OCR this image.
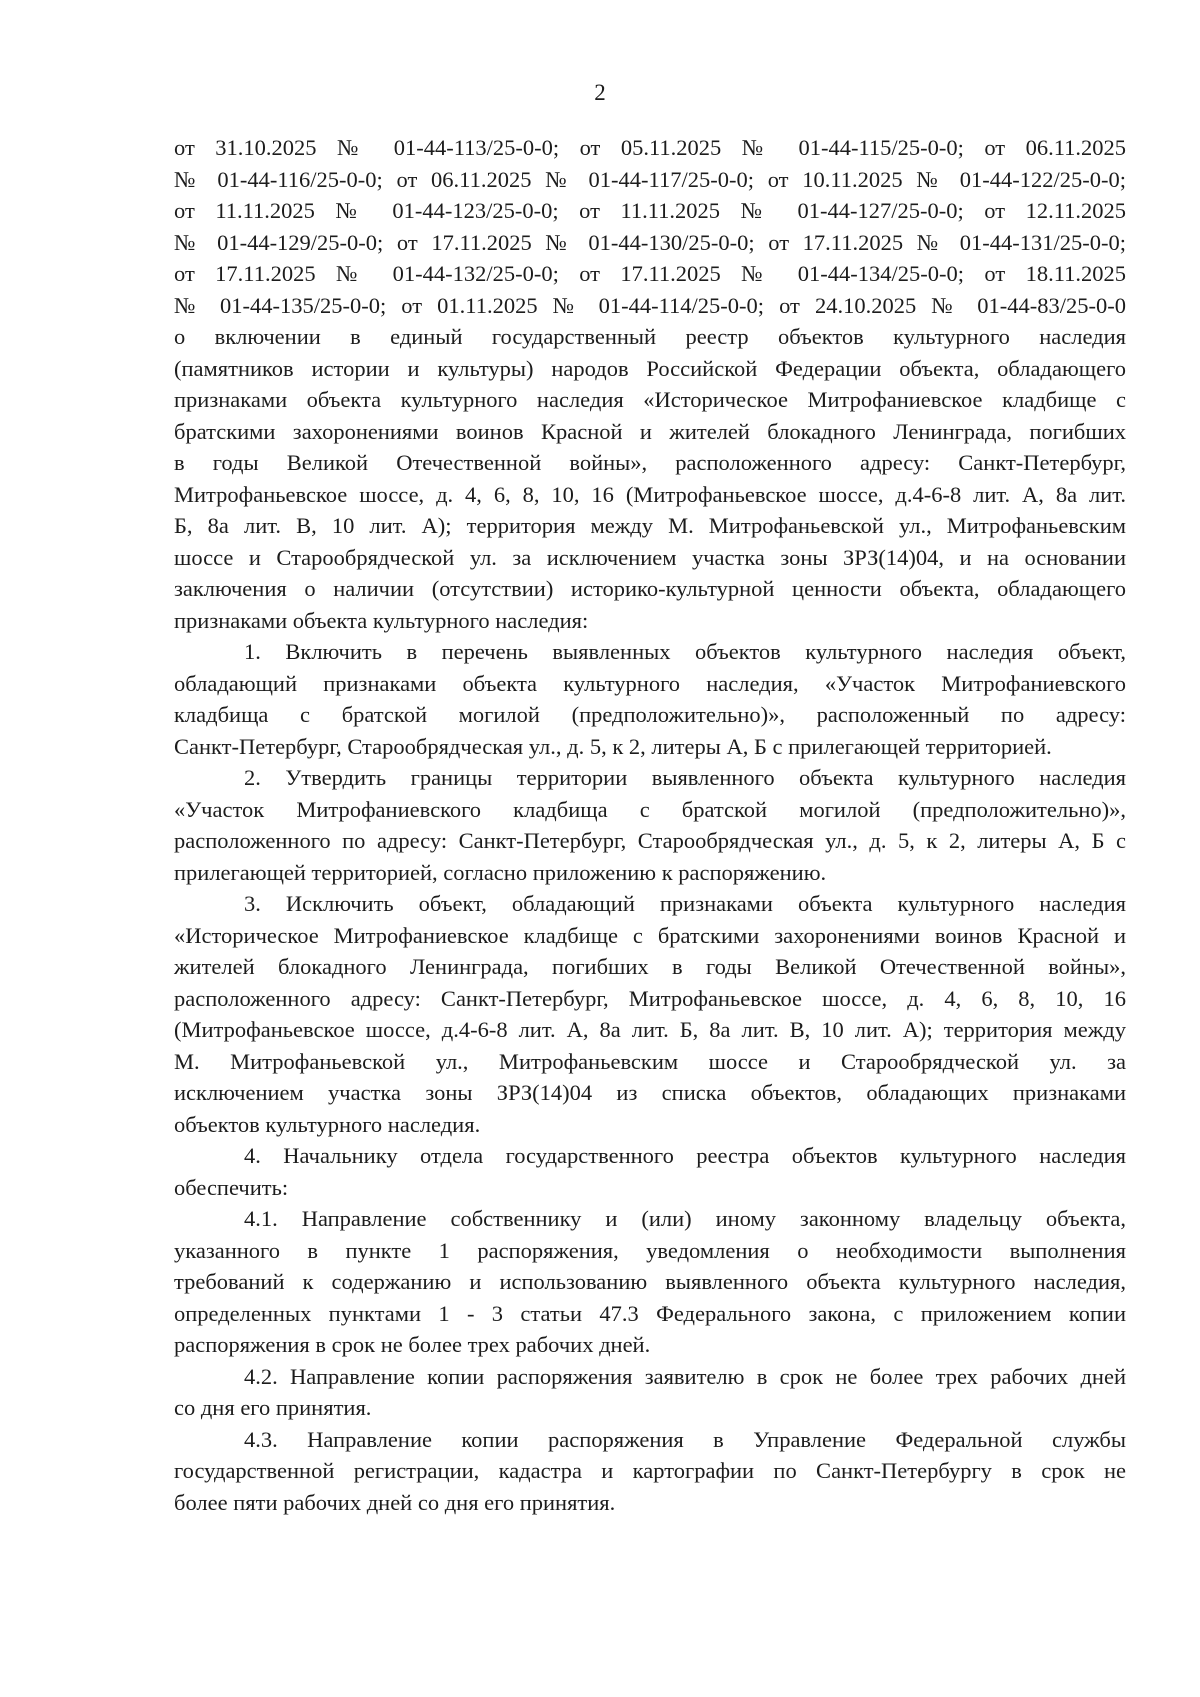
2
от 31.10.2025 № 01-44-113/25-0-0; от 05.11.2025 № 01-44-115/25-0-0; от 06.11.2025
№ 01-44-116/25-0-0; от 06.11.2025 № 01-44-117/25-0-0; от 10.11.2025 № 01-44-122/25-0-0;
от 11.11.2025 № 01-44-123/25-0-0; от 11.11.2025 № 01-44-127/25-0-0; от 12.11.2025
№ 01-44-129/25-0-0; от 17.11.2025 № 01-44-130/25-0-0; от 17.11.2025 № 01-44-131/25-0-0;
от 17.11.2025 № 01-44-132/25-0-0; от 17.11.2025 № 01-44-134/25-0-0; от 18.11.2025
№ 01-44-135/25-0-0; от 01.11.2025 № 01-44-114/25-0-0; от 24.10.2025 № 01-44-83/25-0-0
о включении в единый государственный реестр объектов культурного наследия
(памятников истории и культуры) народов Российской Федерации объекта, обладающего
признаками объекта культурного наследия «Историческое Митрофаниевское кладбище с
братскими захоронениями воинов Красной и жителей блокадного Ленинграда, погибших
в годы Великой Отечественной войны», расположенного адресу: Санкт-Петербург,
Митрофаньевское шоссе, д. 4, 6, 8, 10, 16 (Митрофаньевское шоссе, д.4-6-8 лит. А, 8а лит.
Б, 8а лит. В, 10 лит. А); территория между М. Митрофаньевской ул., Митрофаньевским
шоссе и Старообрядческой ул. за исключением участка зоны ЗРЗ(14)04, и на основании
заключения о наличии (отсутствии) историко-культурной ценности объекта, обладающего
признаками объекта культурного наследия:
1. Включить в перечень выявленных объектов культурного наследия объект,
обладающий признаками объекта культурного наследия, «Участок Митрофаниевского
кладбища с братской могилой (предположительно)», расположенный по адресу:
Санкт-Петербург, Старообрядческая ул., д. 5, к 2, литеры А, Б с прилегающей территорией.
2. Утвердить границы территории выявленного объекта культурного наследия
«Участок Митрофаниевского кладбища с братской могилой (предположительно)»,
расположенного по адресу: Санкт-Петербург, Старообрядческая ул., д. 5, к 2, литеры А, Б с
прилегающей территорией, согласно приложению к распоряжению.
3. Исключить объект, обладающий признаками объекта культурного наследия
«Историческое Митрофаниевское кладбище с братскими захоронениями воинов Красной и
жителей блокадного Ленинграда, погибших в годы Великой Отечественной войны»,
расположенного адресу: Санкт-Петербург, Митрофаньевское шоссе, д. 4, 6, 8, 10, 16
(Митрофаньевское шоссе, д.4-6-8 лит. А, 8а лит. Б, 8а лит. В, 10 лит. А); территория между
М. Митрофаньевской ул., Митрофаньевским шоссе и Старообрядческой ул. за
исключением участка зоны ЗРЗ(14)04 из списка объектов, обладающих признаками
объектов культурного наследия.
4. Начальнику отдела государственного реестра объектов культурного наследия
обеспечить:
4.1. Направление собственнику и (или) иному законному владельцу объекта,
указанного в пункте 1 распоряжения, уведомления о необходимости выполнения
требований к содержанию и использованию выявленного объекта культурного наследия,
определенных пунктами 1 - 3 статьи 47.3 Федерального закона, с приложением копии
распоряжения в срок не более трех рабочих дней.
4.2. Направление копии распоряжения заявителю в срок не более трех рабочих дней
со дня его принятия.
4.3. Направление копии распоряжения в Управление Федеральной службы
государственной регистрации, кадастра и картографии по Санкт-Петербургу в срок не
более пяти рабочих дней со дня его принятия.
